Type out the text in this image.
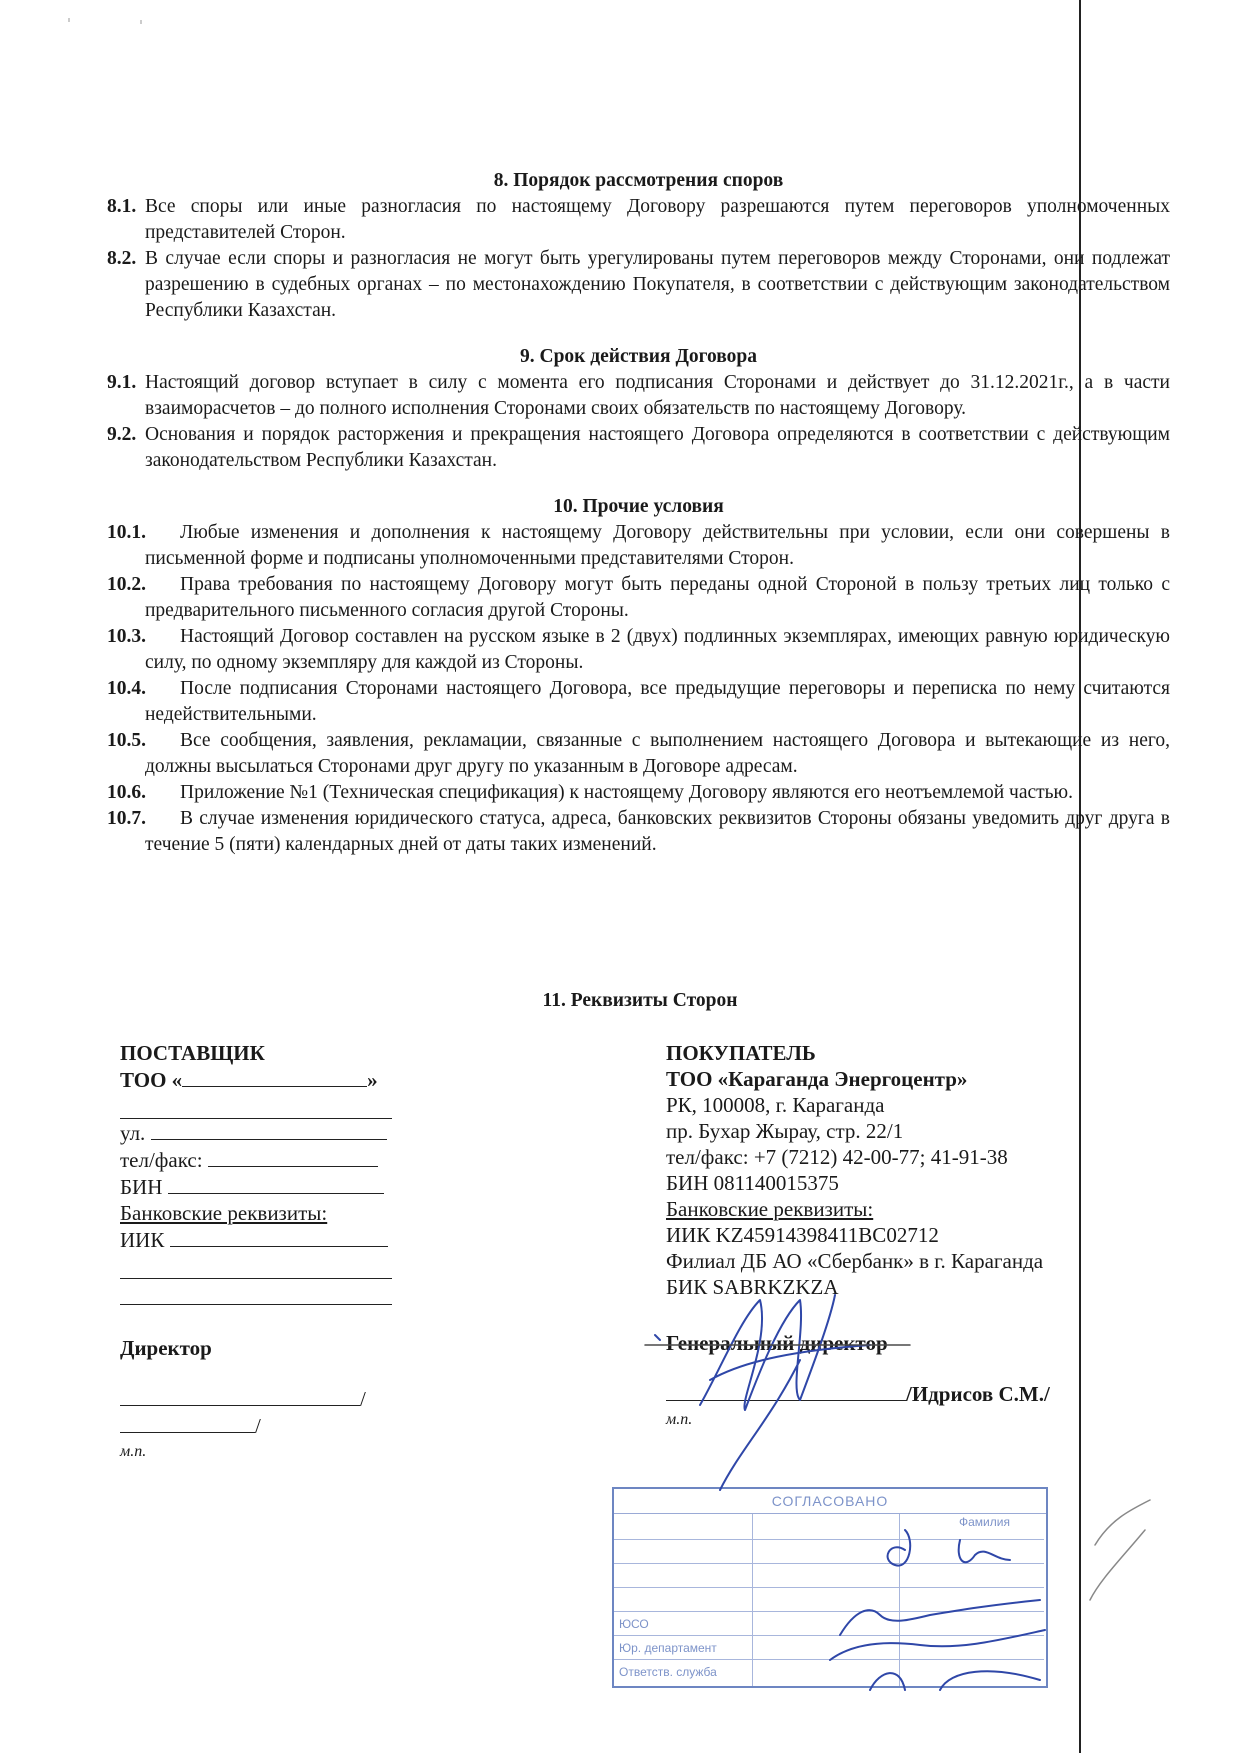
8. Порядок рассмотрения споров

8.1. Все споры или иные разногласия по настоящему Договору разрешаются путем переговоров уполномоченных представителей Сторон.
8.2. В случае если споры и разногласия не могут быть урегулированы путем переговоров между Сторонами, они подлежат разрешению в судебных органах – по местонахождению Покупателя, в соответствии с действующим законодательством Республики Казахстан.

9. Срок действия Договора

9.1. Настоящий договор вступает в силу с момента его подписания Сторонами и действует до 31.12.2021г., а в части взаиморасчетов – до полного исполнения Сторонами своих обязательств по настоящему Договору.
9.2. Основания и порядок расторжения и прекращения настоящего Договора определяются в соответствии с действующим законодательством Республики Казахстан.

10. Прочие условия

10.1.	Любые изменения и дополнения к настоящему Договору действительны при условии, если они совершены в письменной форме и подписаны уполномоченными представителями Сторон.
10.2.	Права требования по настоящему Договору могут быть переданы одной Стороной в пользу третьих лиц только с предварительного письменного согласия другой Стороны.
10.3.	Настоящий Договор составлен на русском языке в 2 (двух) подлинных экземплярах, имеющих равную юридическую силу, по одному экземпляру для каждой из Стороны.
10.4.	После подписания Сторонами настоящего Договора, все предыдущие переговоры и переписка по нему считаются недействительными.
10.5.	Все сообщения, заявления, рекламации, связанные с выполнением настоящего Договора и вытекающие из него, должны высылаться Сторонами друг другу по указанным в Договоре адресам.
10.6.	Приложение №1 (Техническая спецификация) к настоящему Договору являются его неотъемлемой частью.
10.7.	В случае изменения юридического статуса, адреса, банковских реквизитов Стороны обязаны уведомить друг друга в течение 5 (пяти) календарных дней от даты таких изменений.
11. Реквизиты Сторон
ПОСТАВЩИК
ТОО «	»
ул.
тел/факс:
БИН
Банковские реквизиты:
ИИК
Директор
//
м.п.
ПОКУПАТЕЛЬ
ТОО «Караганда Энергоцентр»
РК, 100008, г. Караганда
пр. Бухар Жырау, стр. 22/1
тел/факс: +7 (7212) 42-00-77; 41-91-38
БИН 081140015375
Банковские реквизиты:
ИИК KZ45914398411BC02712
Филиал ДБ АО «Сбербанк» в г. Караганда
БИК SABRKZKZA
Генеральный директор
/Идрисов С.М./
м.п.
СОГЛАСОВАНО
Фамилия
ЮСО
Юр. департамент
Ответств. служба
